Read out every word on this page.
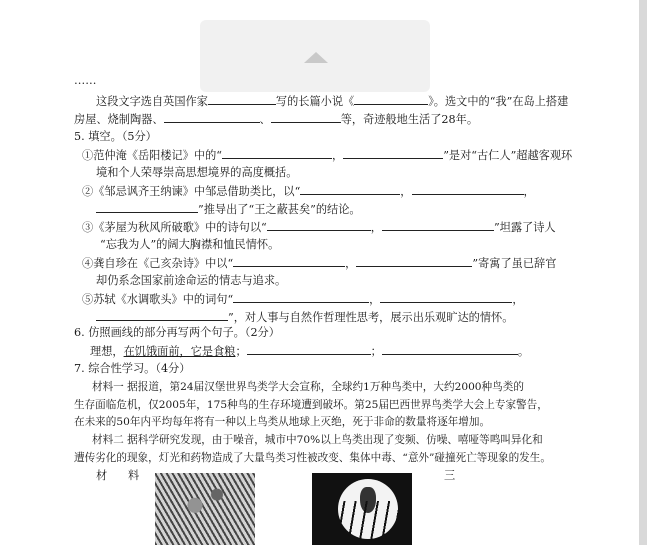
……
这段文字选自英国作家	写的长篇小说《	》。选文中的“我”在岛上搭建
房屋、烧制陶器、	、	等，奇迹般地生活了28年。
5. 填空。（5分）
①范仲淹《岳阳楼记》中的“	，	”是对“古仁人”超越客观环
境和个人荣辱崇高思想境界的高度概括。
②《邹忌讽齐王纳谏》中邹忌借助类比，以“	，	，
”推导出了“王之蔽甚矣”的结论。
③《茅屋为秋风所破歌》中的诗句以“	，	”坦露了诗人
“忘我为人”的阔大胸襟和恤民情怀。
④龚自珍在《己亥杂诗》中以“	，	”寄寓了虽已辞官
却仍系念国家前途命运的情志与追求。
⑤苏轼《水调歌头》中的词句“	，	，
”，对人事与自然作哲理性思考，展示出乐观旷达的情怀。
6. 仿照画线的部分再写两个句子。（2分）
理想，在饥饿面前，它是食粮；	；	。
7. 综合性学习。（4分）
材料一 据报道，第24届汉堡世界鸟类学大会宣称，全球约1万种鸟类中，大约2000种鸟类的
生存面临危机，仅2005年，175种鸟的生存环境遭到破坏。第25届巴西世界鸟类学大会上专家警告，
在未来的50年内平均每年将有一种以上鸟类从地球上灭绝，死于非命的数量将逐年增加。
材料二 据科学研究发现，由于噪音，城市中70%以上鸟类出现了变频、仿噪、嘻哑等鸣叫异化和
遭传劣化的现象，灯光和药物造成了大量鸟类习性被改变、集体中毒、“意外”碰撞死亡等现象的发生。
材 料	三
